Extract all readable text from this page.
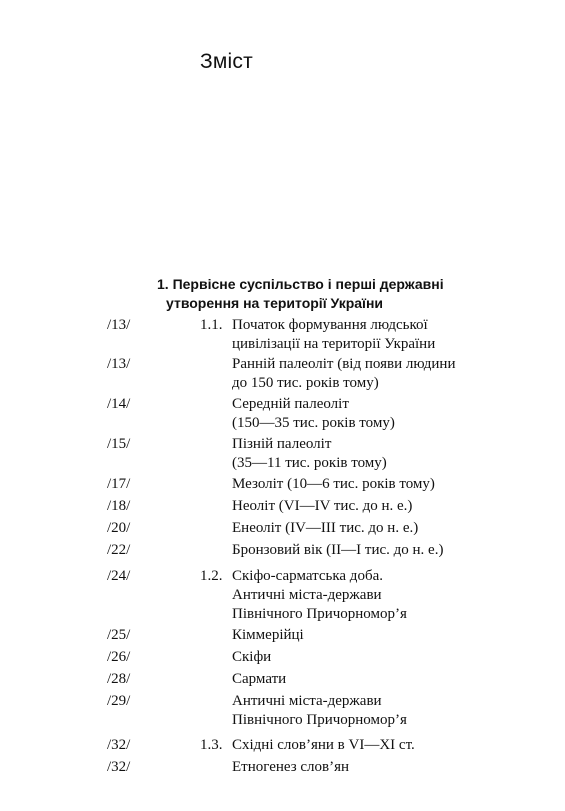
Зміст
1. Первісне суспільство і перші державні
утворення на території України
/13/	1.1. Початок формування людської
цивілізації на території України
/13/	Ранній палеоліт (від появи людини
до 150 тис. років тому)
/14/	Середній палеоліт
(150—35 тис. років тому)
/15/	Пізній палеоліт
(35—11 тис. років тому)
/17/	Мезоліт (10—6 тис. років тому)
/18/	Неоліт (VI—IV тис. до н. е.)
/20/	Енеоліт (IV—III тис. до н. е.)
/22/	Бронзовий вік (II—I тис. до н. е.)
/24/	1.2. Скіфо-сарматська доба.
Античні міста-держави
Північного Причорномор’я
/25/	Кіммерійці
/26/	Скіфи
/28/	Сармати
/29/	Античні міста-держави
Північного Причорномор’я
/32/	1.3. Східні слов’яни в VI—XI ст.
/32/	Етногенез слов’ян
